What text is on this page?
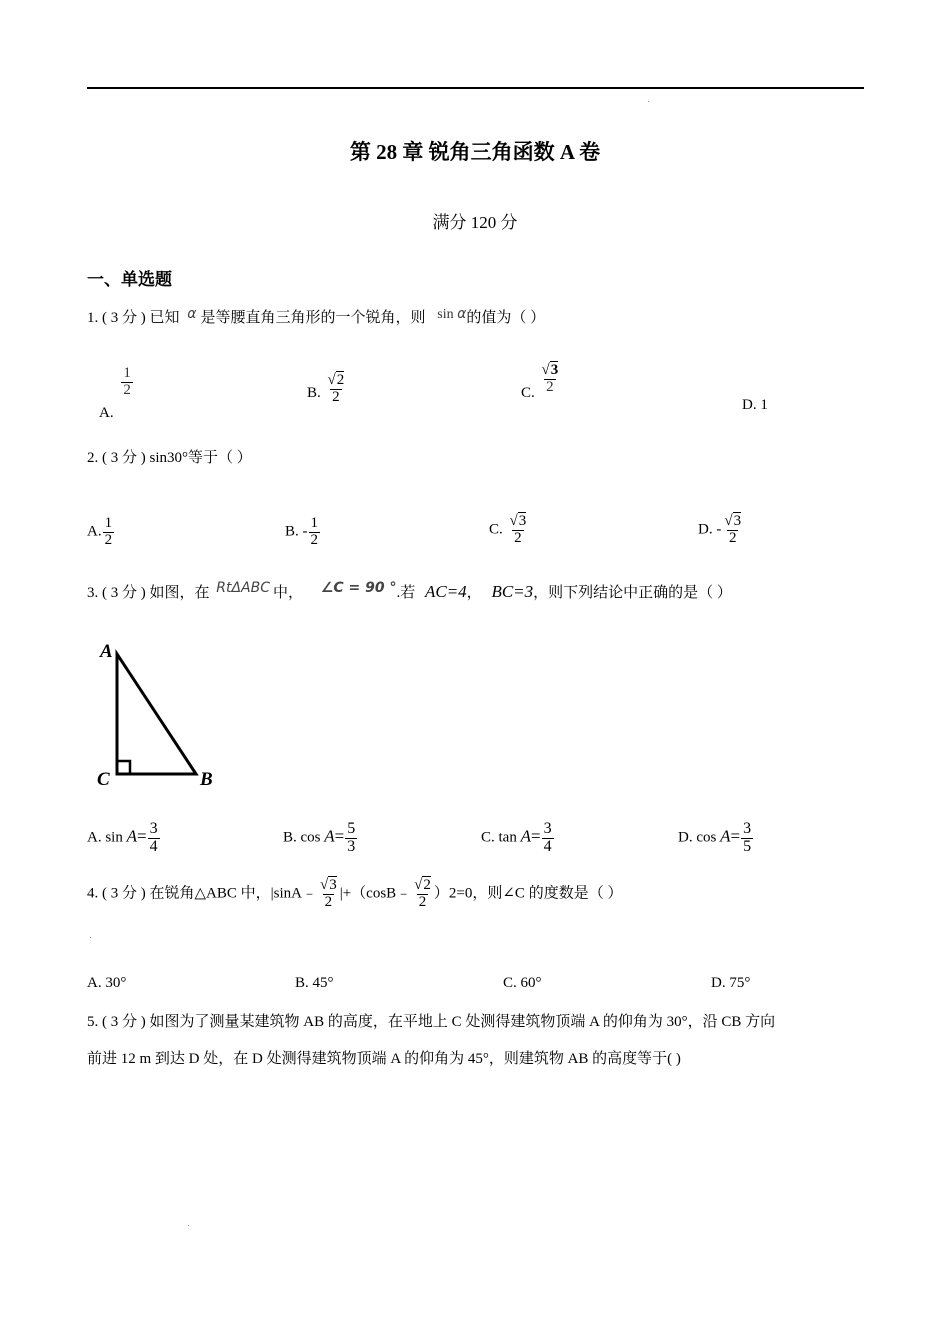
第 28 章 锐角三角函数 A 卷
满分 120 分
一、单选题
1. ( 3 分 ) 已知 α 是等腰直角三角形的一个锐角，则 sin α的值为（ ）
A.
$\frac{1}{2}$	B. $\frac{√2}{2}$	C. $\frac{√3}{2}$
D. 1
2. ( 3 分 ) sin30°等于（ ）
A. $\frac{1}{2}$	B. - $\frac{1}{2}$	C. $\frac{√3}{2}$	D. - $\frac{√3}{2}$
3. ( 3 分 ) 如图，在 RtΔABC 中， ∠C = 90 °.若 AC=4， BC=3，则下列结论中正确的是（ ）
A
C	B
A. $\sin A= \frac{3}{4}$	B. $\cos A= \frac{5}{3}$	C. $\tan A= \frac{3}{4}$	D. $\cos A= \frac{3}{5}$
4. ( 3 分 ) 在锐角△ABC 中，|sinA﹣ $\frac{√3}{2}$ |+（cosB﹣ $\frac{√2}{2} )2=0$，则∠C 的度数是（ ）
A. 30°	B. 45°	C. 60°	D. 75°
5. ( 3 分 ) 如图为了测量某建筑物 AB 的高度，在平地上 C 处测得建筑物顶端 A 的仰角为 30°，沿 CB 方向
前进 12 m 到达 D 处，在 D 处测得建筑物顶端 A 的仰角为 45°，则建筑物 AB 的高度等于( )
